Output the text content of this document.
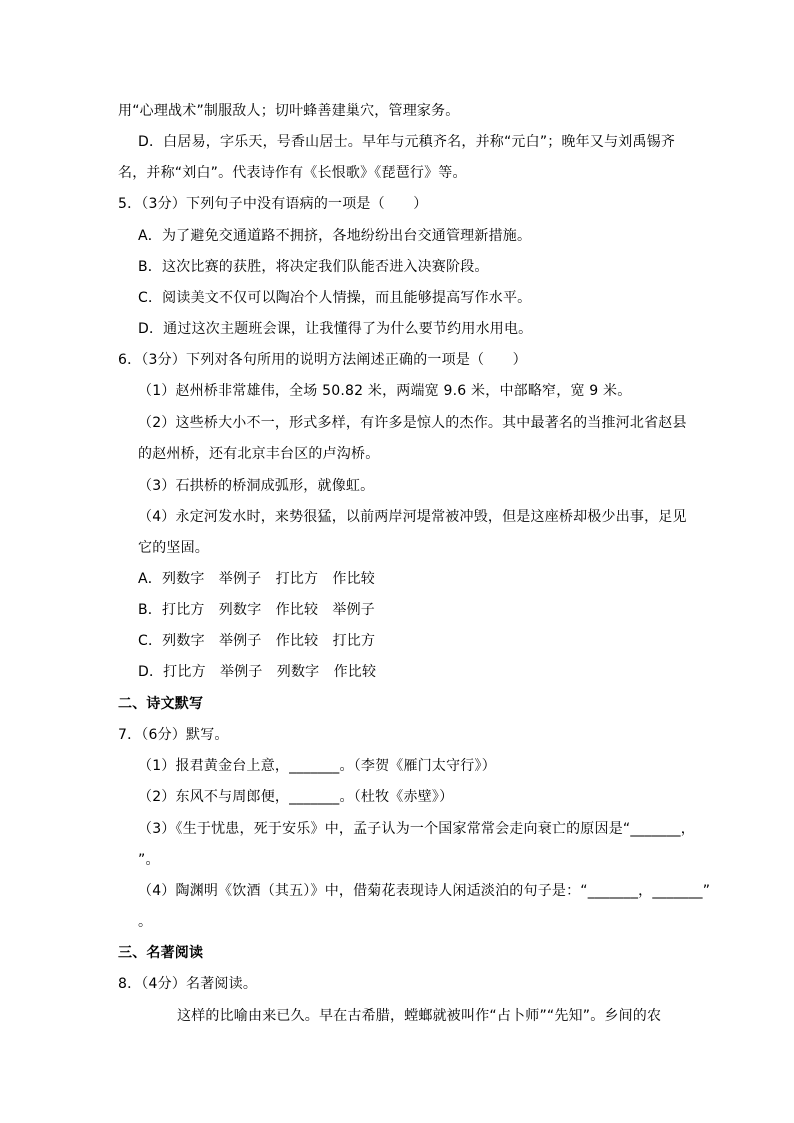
用“心理战术”制服敌人；切叶蜂善建巢穴，管理家务。
D．白居易，字乐天，号香山居士。早年与元稹齐名，并称“元白”；晚年又与刘禹锡齐
名，并称“刘白”。代表诗作有《长恨歌》《琵琶行》等。
5．（3分）下列句子中没有语病的一项是（　　）
A．为了避免交通道路不拥挤，各地纷纷出台交通管理新措施。
B．这次比赛的获胜，将决定我们队能否进入决赛阶段。
C．阅读美文不仅可以陶冶个人情操，而且能够提高写作水平。
D．通过这次主题班会课，让我懂得了为什么要节约用水用电。
6．（3分）下列对各句所用的说明方法阐述正确的一项是（　　）
（1）赵州桥非常雄伟，全场 50.82 米，两端宽 9.6 米，中部略窄，宽 9 米。
（2）这些桥大小不一，形式多样，有许多是惊人的杰作。其中最著名的当推河北省赵县
的赵州桥，还有北京丰台区的卢沟桥。
（3）石拱桥的桥洞成弧形，就像虹。
（4）永定河发水时，来势很猛，以前两岸河堤常被冲毁，但是这座桥却极少出事，足见
它的坚固。
A．列数字　举例子　打比方　作比较
B．打比方　列数字　作比较　举例子
C．列数字　举例子　作比较　打比方
D．打比方　举例子　列数字　作比较
二、诗文默写
7．（6分）默写。
（1）报君黄金台上意，_______。（李贺《雁门太守行》）
（2）东风不与周郎便，_______。（杜牧《赤壁》）
（3）《生于忧患，死于安乐》中，孟子认为一个国家常常会走向衰亡的原因是“_______，
”。
（4）陶渊明《饮酒（其五）》中，借菊花表现诗人闲适淡泊的句子是：“_______，_______”
。
三、名著阅读
8．（4分）名著阅读。
这样的比喻由来已久。早在古希腊，螳螂就被叫作“占卜师”“先知”。乡间的农
